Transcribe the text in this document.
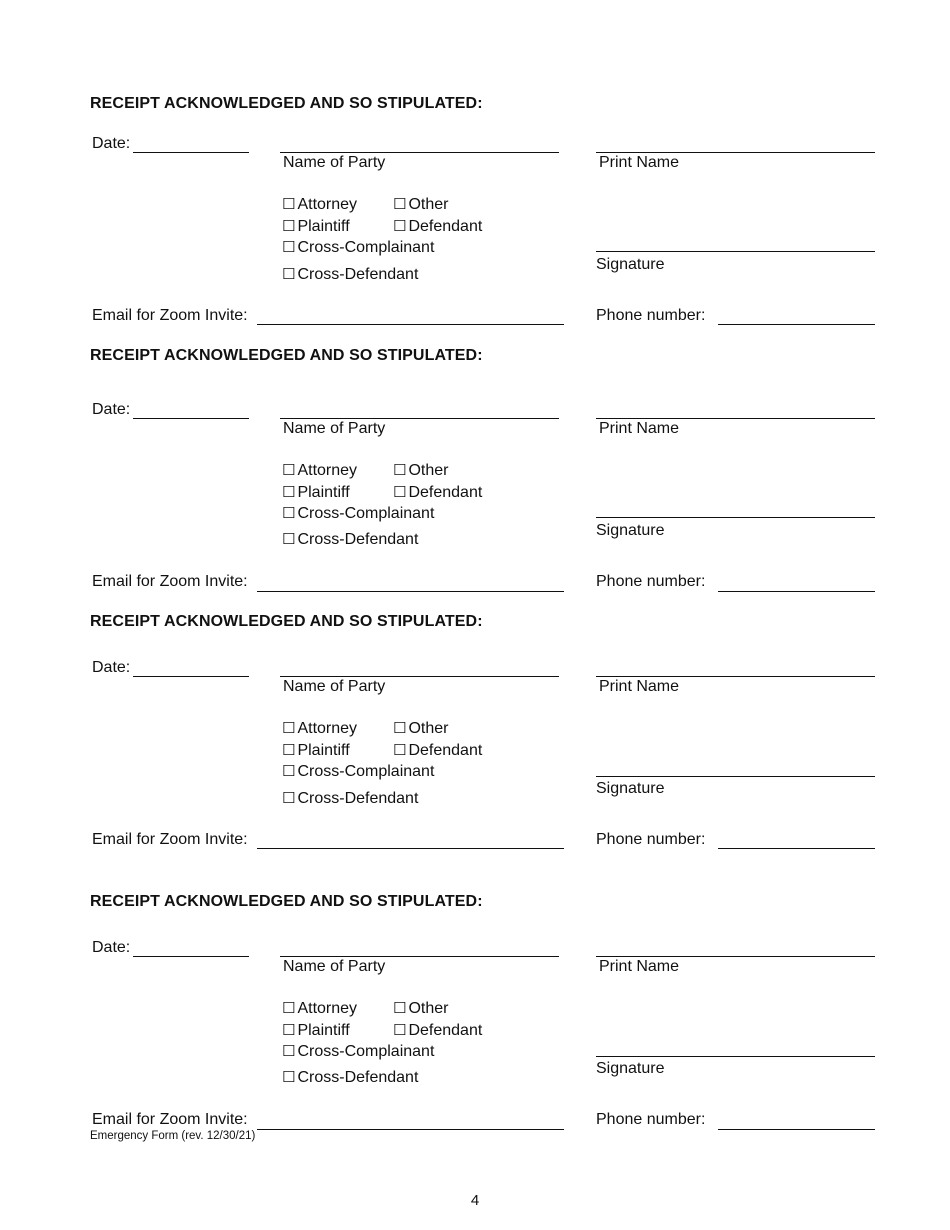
RECEIPT ACKNOWLEDGED AND SO STIPULATED:
Date:
Name of Party	Print Name
☐ Attorney ☐ Other
☐ Plaintiff	☐ Defendant
☐ Cross-Complainant
☐ Cross-Defendant
Signature
Email for Zoom Invite:	Phone number:
RECEIPT ACKNOWLEDGED AND SO STIPULATED:
Date:
Name of Party	Print Name
☐ Attorney ☐ Other
☐ Plaintiff	☐ Defendant
☐ Cross-Complainant
☐ Cross-Defendant
Signature
Email for Zoom Invite:	Phone number:
RECEIPT ACKNOWLEDGED AND SO STIPULATED:
Date:
Name of Party	Print Name
☐ Attorney ☐ Other
☐ Plaintiff	☐ Defendant
☐ Cross-Complainant
☐ Cross-Defendant
Signature
Email for Zoom Invite:	Phone number:
RECEIPT ACKNOWLEDGED AND SO STIPULATED:
Date:
Name of Party	Print Name
☐ Attorney ☐ Other
☐ Plaintiff	☐ Defendant
☐ Cross-Complainant
☐ Cross-Defendant
Signature
Email for Zoom Invite:	Phone number:
Emergency Form (rev. 12/30/21)
4
